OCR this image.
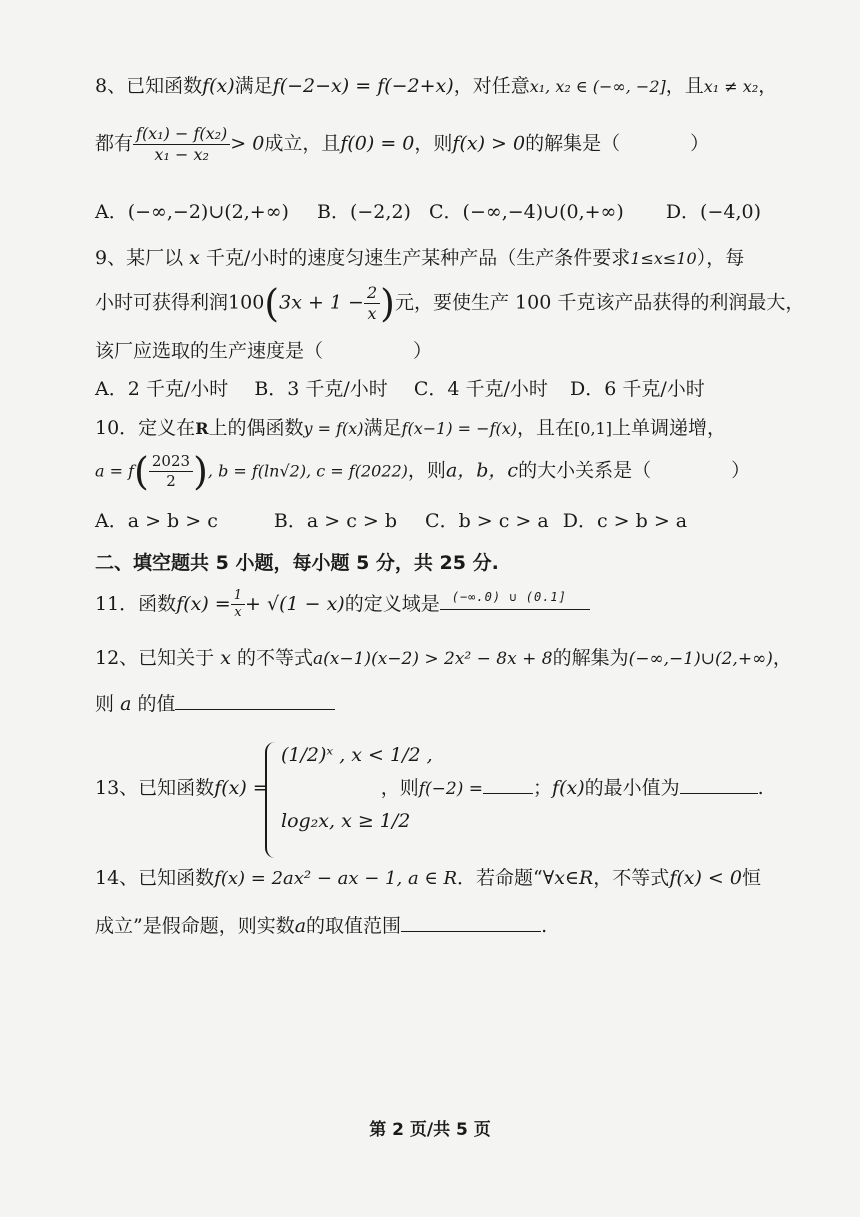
8、已知函数f(x)满足f(−2−x) = f(−2+x)，对任意x₁, x₂ ∈ (−∞, −2]，且x₁ ≠ x₂，
都有 $\frac{\text{f(x₁) − f(x₂)}}{\text{x₁ − x₂}} > 0$成立，且f(0) = 0，则f(x) > 0的解集是（	）
A．(−∞,−2)∪(2,+∞) B．(−2,2) C．(−∞,−4)∪(0,+∞) D．(−4,0)
9、某厂以 x 千克/小时的速度匀速生产某种产品（生产条件要求1≤x≤10），每
小时可获得利润$100(3x + 1 - \frac{2}{x}$ )元，要使生产 100 千克该产品获得的利润最大，
该厂应选取的生产速度是（	）
A．2 千克/小时 B．3 千克/小时 C．4 千克/小时 D．6 千克/小时
10．定义在R上的偶函数y = f(x)满足f(x−1) = −f(x)，且在[0,1]上单调递增，
$a = f( \frac{2023}{2}$ ), b = f(ln√2), c = f(2022)，则a，b，c的大小关系是（	）
A．a > b > c	B．a > c > b C．b > c > a D．c > b > a
二、填空题共 5 小题，每小题 5 分，共 25 分.
11．函数$f(x) = \frac{1}{x} + √(1 - x)$的定义域是 (−∞.0) ∪ (0.1]
12、已知关于 x 的不等式a(x−1)(x−2) > 2x² − 8x + 8的解集为(−∞,−1)∪(2,+∞)，
则 a 的值
13、已知函数f(x) =	，则f(−2) =	；f(x)的最小值为	.
(1/2)ˣ , x < 1/2 ,
log₂x, x ≥ 1/2
14、已知函数f(x) = 2ax² − ax − 1, a ∈ R．若命题“∀x∈R，不等式f(x) < 0恒
成立”是假命题，则实数a的取值范围	.
第 2 页/共 5 页
